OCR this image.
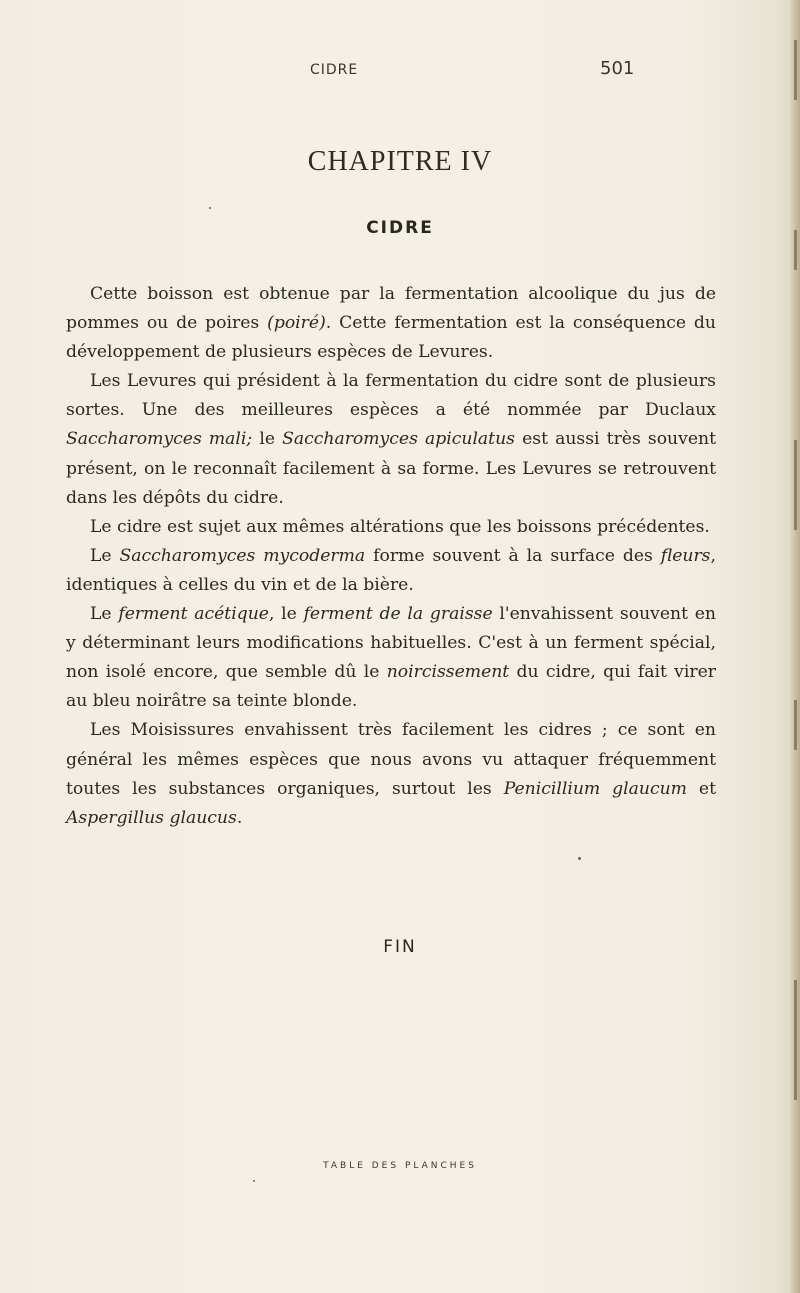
CIDRE	501
CHAPITRE IV
CIDRE

Cette boisson est obtenue par la fermentation alcoolique du jus de pommes ou de poires (poiré). Cette fermentation est la conséquence du développement de plusieurs espèces de Levures.

Les Levures qui président à la fermentation du cidre sont de plusieurs sortes. Une des meilleures espèces a été nommée par Duclaux Saccharomyces mali; le Saccharomyces apiculatus est aussi très souvent présent, on le reconnaît facilement à sa forme. Les Levures se retrouvent dans les dépôts du cidre.

Le cidre est sujet aux mêmes altérations que les boissons précédentes.

Le Saccharomyces mycoderma forme souvent à la surface des fleurs, identiques à celles du vin et de la bière.

Le ferment acétique, le ferment de la graisse l'envahissent souvent en y déterminant leurs modifications habituelles. C'est à un ferment spécial, non isolé encore, que semble dû le noircissement du cidre, qui fait virer au bleu noirâtre sa teinte blonde.

Les Moisissures envahissent très facilement les cidres ; ce sont en général les mêmes espèces que nous avons vu attaquer fréquemment toutes les substances organiques, surtout les Penicillium glaucum et Aspergillus glaucus.

FIN
TABLE DES PLANCHES
